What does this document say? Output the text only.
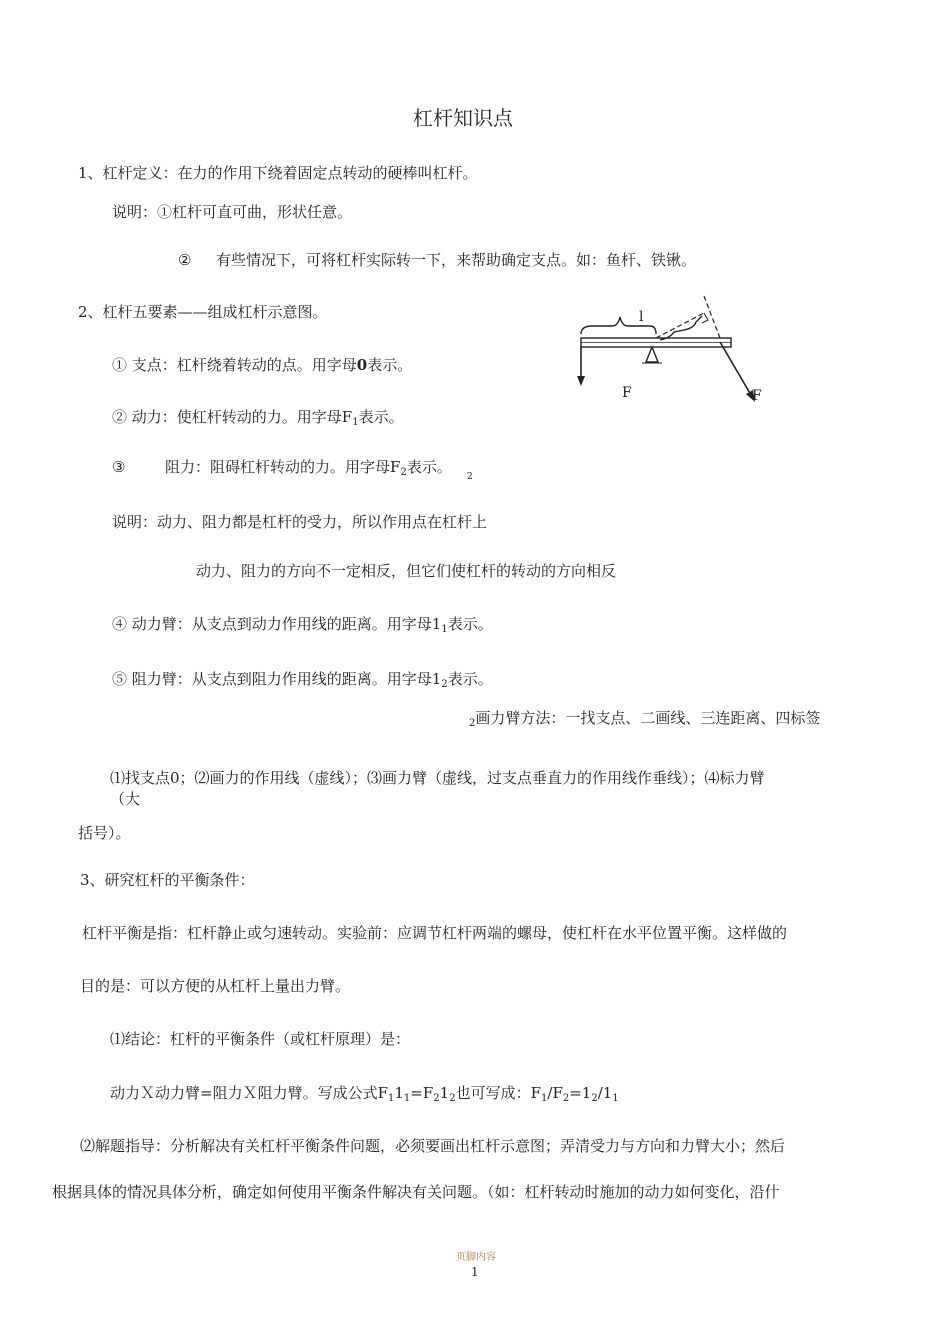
杠杆知识点
1、杠杆定义：在力的作用下绕着固定点转动的硬棒叫杠杆。
说明：①杠杆可直可曲，形状任意。
② 有些情况下，可将杠杆实际转一下，来帮助确定支点。如：鱼杆、铁锹。
2、杠杆五要素——组成杠杆示意图。
① 支点：杠杆绕着转动的点。用字母0表示。
② 动力：使杠杆转动的力。用字母$F_1$表示。
③	阻力：阻碍杠杆转动的力。用字母$F_2$表示。
2
说明：动力、阻力都是杠杆的受力，所以作用点在杠杆上
动力、阻力的方向不一定相反，但它们使杠杆的转动的方向相反
④ 动力臂：从支点到动力作用线的距离。用字母$1_1$表示。
⑤ 阻力臂：从支点到阻力作用线的距离。用字母$1_2$表示。
$_2$画力臂方法：一找支点、二画线、三连距离、四标签
⑴找支点0；⑵画力的作用线（虚线）；⑶画力臂（虚线，过支点垂直力的作用线作垂线）；⑷标力臂
（大
括号）。
l
F	F
3、研究杠杆的平衡条件：
杠杆平衡是指：杠杆静止或匀速转动。实验前：应调节杠杆两端的螺母，使杠杆在水平位置平衡。这样做的
目的是：可以方便的从杠杆上量出力臂。
⑴结论：杠杆的平衡条件（或杠杆原理）是：
动力Ｘ动力臂=阻力Ｘ阻力臂。写成公式$F_11_1=F_21_2$也可写成：$F_1/F_2=1_2/1_1$
⑵解题指导：分析解决有关杠杆平衡条件问题，必须要画出杠杆示意图；弄清受力与方向和力臂大小；然后
根据具体的情况具体分析，确定如何使用平衡条件解决有关问题。（如：杠杆转动时施加的动力如何变化，沿什
页脚内容
1
